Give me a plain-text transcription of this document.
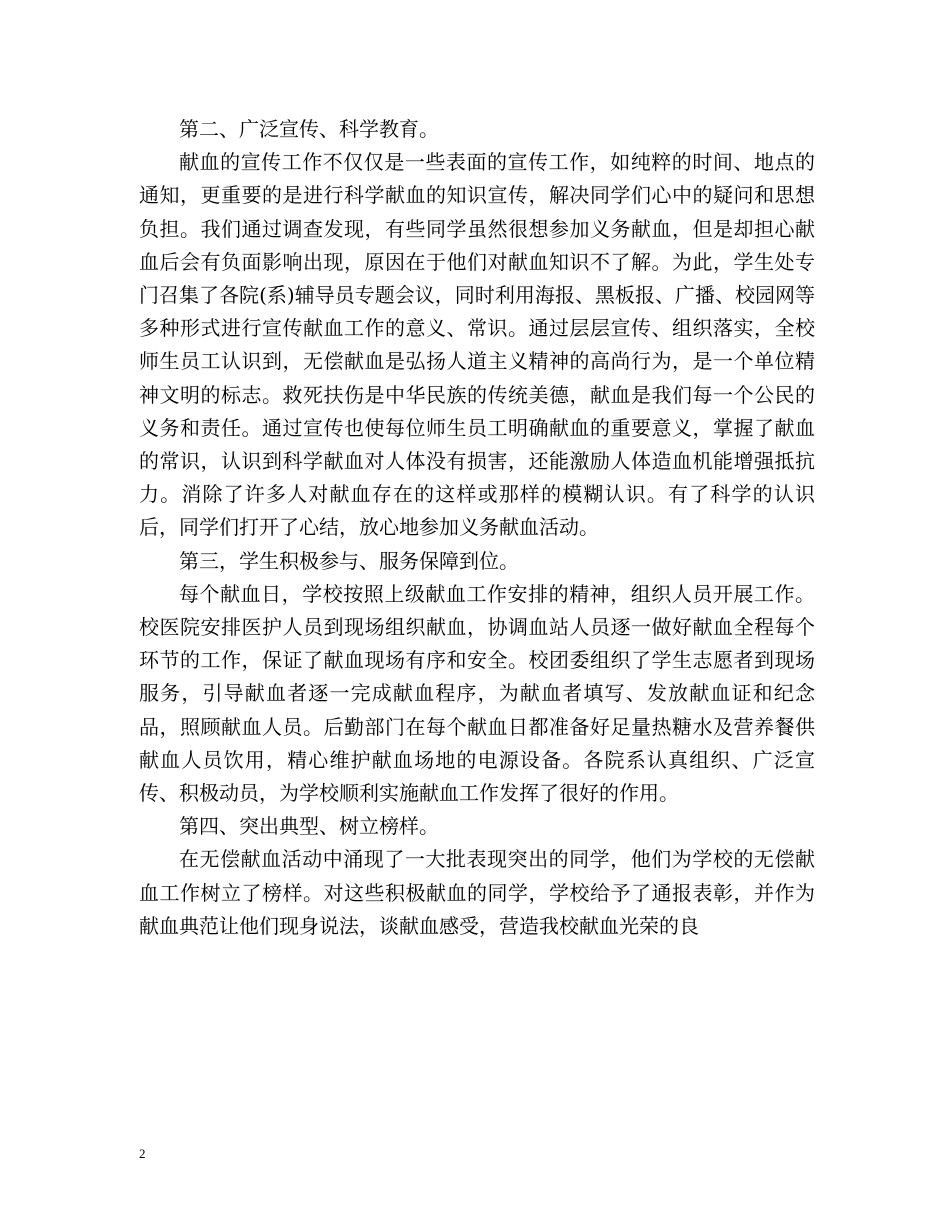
第二、广泛宣传、科学教育。

献血的宣传工作不仅仅是一些表面的宣传工作，如纯粹的时间、地点的通知，更重要的是进行科学献血的知识宣传，解决同学们心中的疑问和思想负担。我们通过调查发现，有些同学虽然很想参加义务献血，但是却担心献血后会有负面影响出现，原因在于他们对献血知识不了解。为此，学生处专门召集了各院(系)辅导员专题会议，同时利用海报、黑板报、广播、校园网等多种形式进行宣传献血工作的意义、常识。通过层层宣传、组织落实，全校师生员工认识到，无偿献血是弘扬人道主义精神的高尚行为，是一个单位精神文明的标志。救死扶伤是中华民族的传统美德，献血是我们每一个公民的义务和责任。通过宣传也使每位师生员工明确献血的重要意义，掌握了献血的常识，认识到科学献血对人体没有损害，还能激励人体造血机能增强抵抗力。消除了许多人对献血存在的这样或那样的模糊认识。有了科学的认识后，同学们打开了心结，放心地参加义务献血活动。

第三，学生积极参与、服务保障到位。

每个献血日，学校按照上级献血工作安排的精神，组织人员开展工作。校医院安排医护人员到现场组织献血，协调血站人员逐一做好献血全程每个环节的工作，保证了献血现场有序和安全。校团委组织了学生志愿者到现场服务，引导献血者逐一完成献血程序，为献血者填写、发放献血证和纪念品，照顾献血人员。后勤部门在每个献血日都准备好足量热糖水及营养餐供献血人员饮用，精心维护献血场地的电源设备。各院系认真组织、广泛宣传、积极动员，为学校顺利实施献血工作发挥了很好的作用。

第四、突出典型、树立榜样。

在无偿献血活动中涌现了一大批表现突出的同学，他们为学校的无偿献血工作树立了榜样。对这些积极献血的同学，学校给予了通报表彰，并作为献血典范让他们现身说法，谈献血感受，营造我校献血光荣的良

2
